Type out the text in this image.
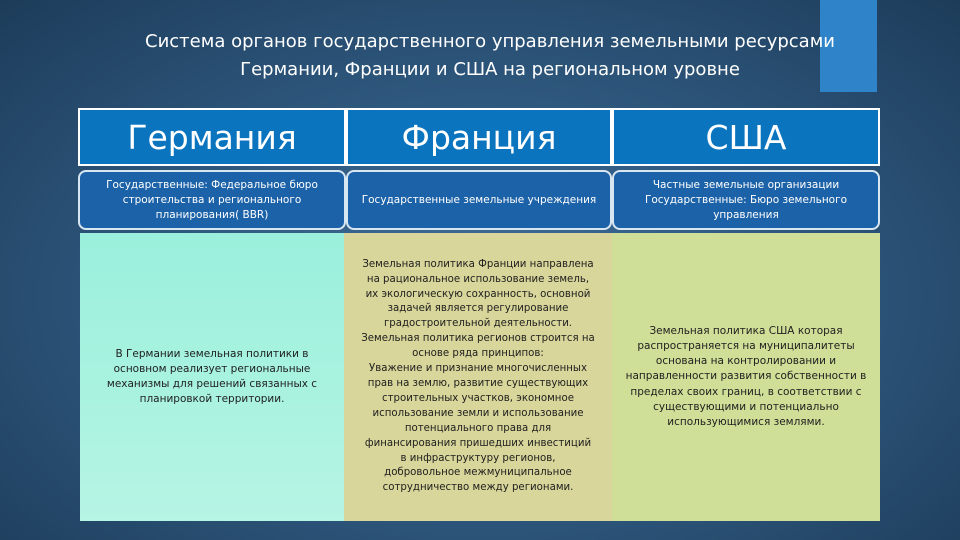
Система органов государственного управления земельными ресурсами
Германии, Франции и США на региональном уровне
Германия	Франция	США
Государственные: Федеральное бюро строительства и регионального планирования( BBR)
Государственные земельные учреждения
Частные земельные организации Государственные: Бюро земельного управления
В Германии земельная политики в основном реализует региональные механизмы для решений связанных с планировкой территории.
Земельная политика Франции направлена
на рациональное использование земель,
их экологическую сохранность, основной
задачей является регулирование
градостроительной деятельности.
Земельная политика регионов строится на
основе ряда принципов:
Уважение и признание многочисленных
прав на землю, развитие существующих
строительных участков, экономное
использование земли и использование
потенциального права для
финансирования пришедших инвестиций
в инфраструктуру регионов,
добровольное межмуниципальное
сотрудничество между регионами.
Земельная политика США которая распространяется на муниципалитеты основана на контролировании и направленности развития собственности в пределах своих границ, в соответствии с существующими и потенциально использующимися землями.
